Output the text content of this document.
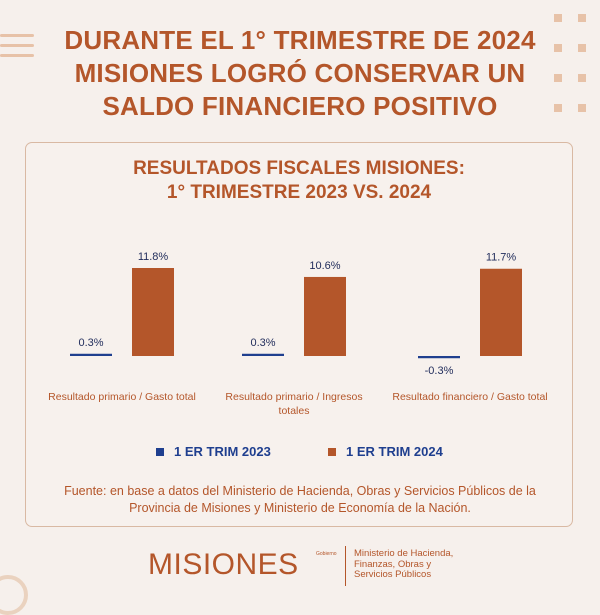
DURANTE EL 1° TRIMESTRE DE 2024
MISIONES LOGRÓ CONSERVAR UN
SALDO FINANCIERO POSITIVO
RESULTADOS FISCALES MISIONES:
1° TRIMESTRE 2023 VS. 2024
0.3%	0.3%
-0.3%
11.8%
10.6%
11.7%
Resultado primario / Gasto total	Resultado primario / Ingresos
totales
Resultado financiero / Gasto total
1 ER TRIM 2023	1 ER TRIM 2024
Fuente: en base a datos del Ministerio de Hacienda, Obras y Servicios Públicos de la Provincia de Misiones y Ministerio de Economía de la Nación.
MISIONES	Gobierno Ministerio de Hacienda,
Finanzas, Obras y
Servicios Públicos
